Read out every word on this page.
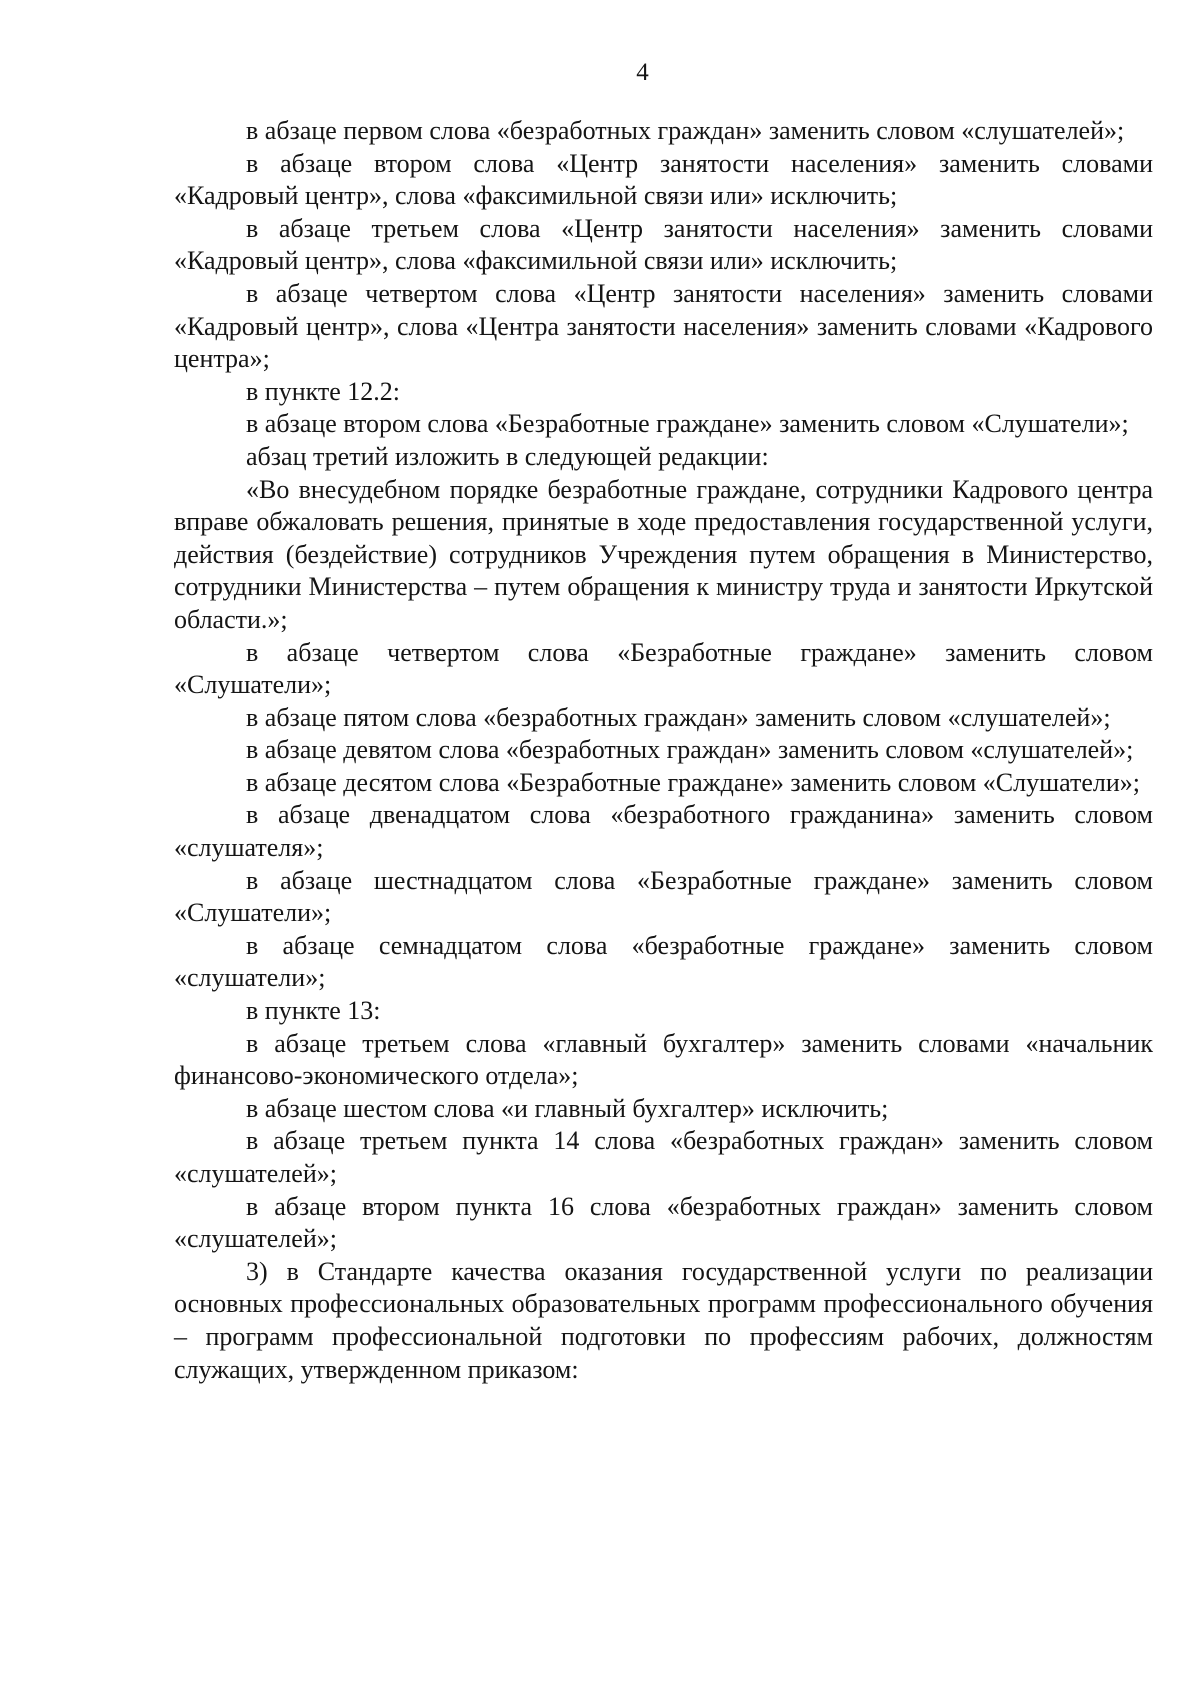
4

в абзаце первом слова «безработных граждан» заменить словом «слушателей»;

в абзаце втором слова «Центр занятости населения» заменить словами «Кадровый центр», слова «факсимильной связи или» исключить;

в абзаце третьем слова «Центр занятости населения» заменить словами «Кадровый центр», слова «факсимильной связи или» исключить;

в абзаце четвертом слова «Центр занятости населения» заменить словами «Кадровый центр», слова «Центра занятости населения» заменить словами «Кадрового центра»;

в пункте 12.2:

в абзаце втором слова «Безработные граждане» заменить словом «Слушатели»;

абзац третий изложить в следующей редакции:

«Во внесудебном порядке безработные граждане, сотрудники Кадрового центра вправе обжаловать решения, принятые в ходе предоставления государственной услуги, действия (бездействие) сотрудников Учреждения путем обращения в Министерство, сотрудники Министерства – путем обращения к министру труда и занятости Иркутской области.»;

в абзаце четвертом слова «Безработные граждане» заменить словом «Слушатели»;

в абзаце пятом слова «безработных граждан» заменить словом «слушателей»;

в абзаце девятом слова «безработных граждан» заменить словом «слушателей»;

в абзаце десятом слова «Безработные граждане» заменить словом «Слушатели»;

в абзаце двенадцатом слова «безработного гражданина» заменить словом «слушателя»;

в абзаце шестнадцатом слова «Безработные граждане» заменить словом «Слушатели»;

в абзаце семнадцатом слова «безработные граждане» заменить словом «слушатели»;

в пункте 13:

в абзаце третьем слова «главный бухгалтер» заменить словами «начальник финансово-экономического отдела»;

в абзаце шестом слова «и главный бухгалтер» исключить;

в абзаце третьем пункта 14 слова «безработных граждан» заменить словом «слушателей»;

в абзаце втором пункта 16 слова «безработных граждан» заменить словом «слушателей»;

3) в Стандарте качества оказания государственной услуги по реализации основных профессиональных образовательных программ профессионального обучения – программ профессиональной подготовки по профессиям рабочих, должностям служащих, утвержденном приказом:
